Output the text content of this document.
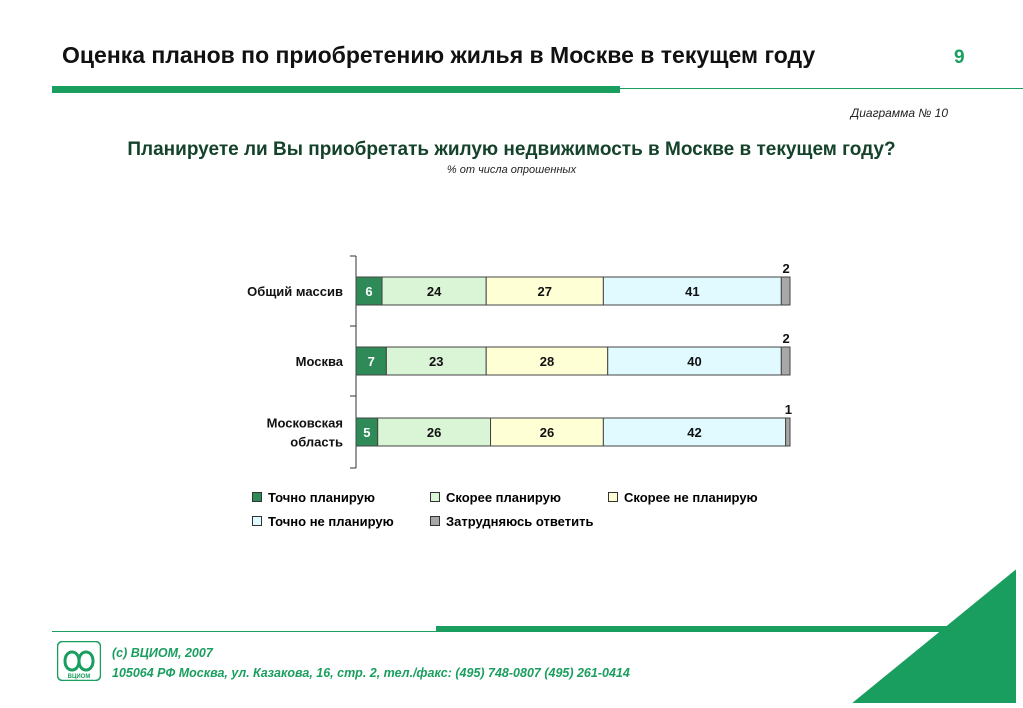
Оценка планов по приобретению жилья в Москве в текущем году	9
Диаграмма № 10
Планируете ли Вы приобретать жилую недвижимость в Москве в текущем году?
% от числа опрошенных
Общий массив 6	24	27	41
2
Москва 7	23	28	40
2
Московская
область
5	26	26	42
1
Точно планирую	Скорее планирую	Скорее не планирую
Точно не планирую	Затрудняюсь ответить
ВЦИОМ
(c) ВЦИОМ, 2007
105064 РФ Москва, ул. Казакова, 16, стр. 2, тел./факс: (495) 748-0807 (495) 261-0414
